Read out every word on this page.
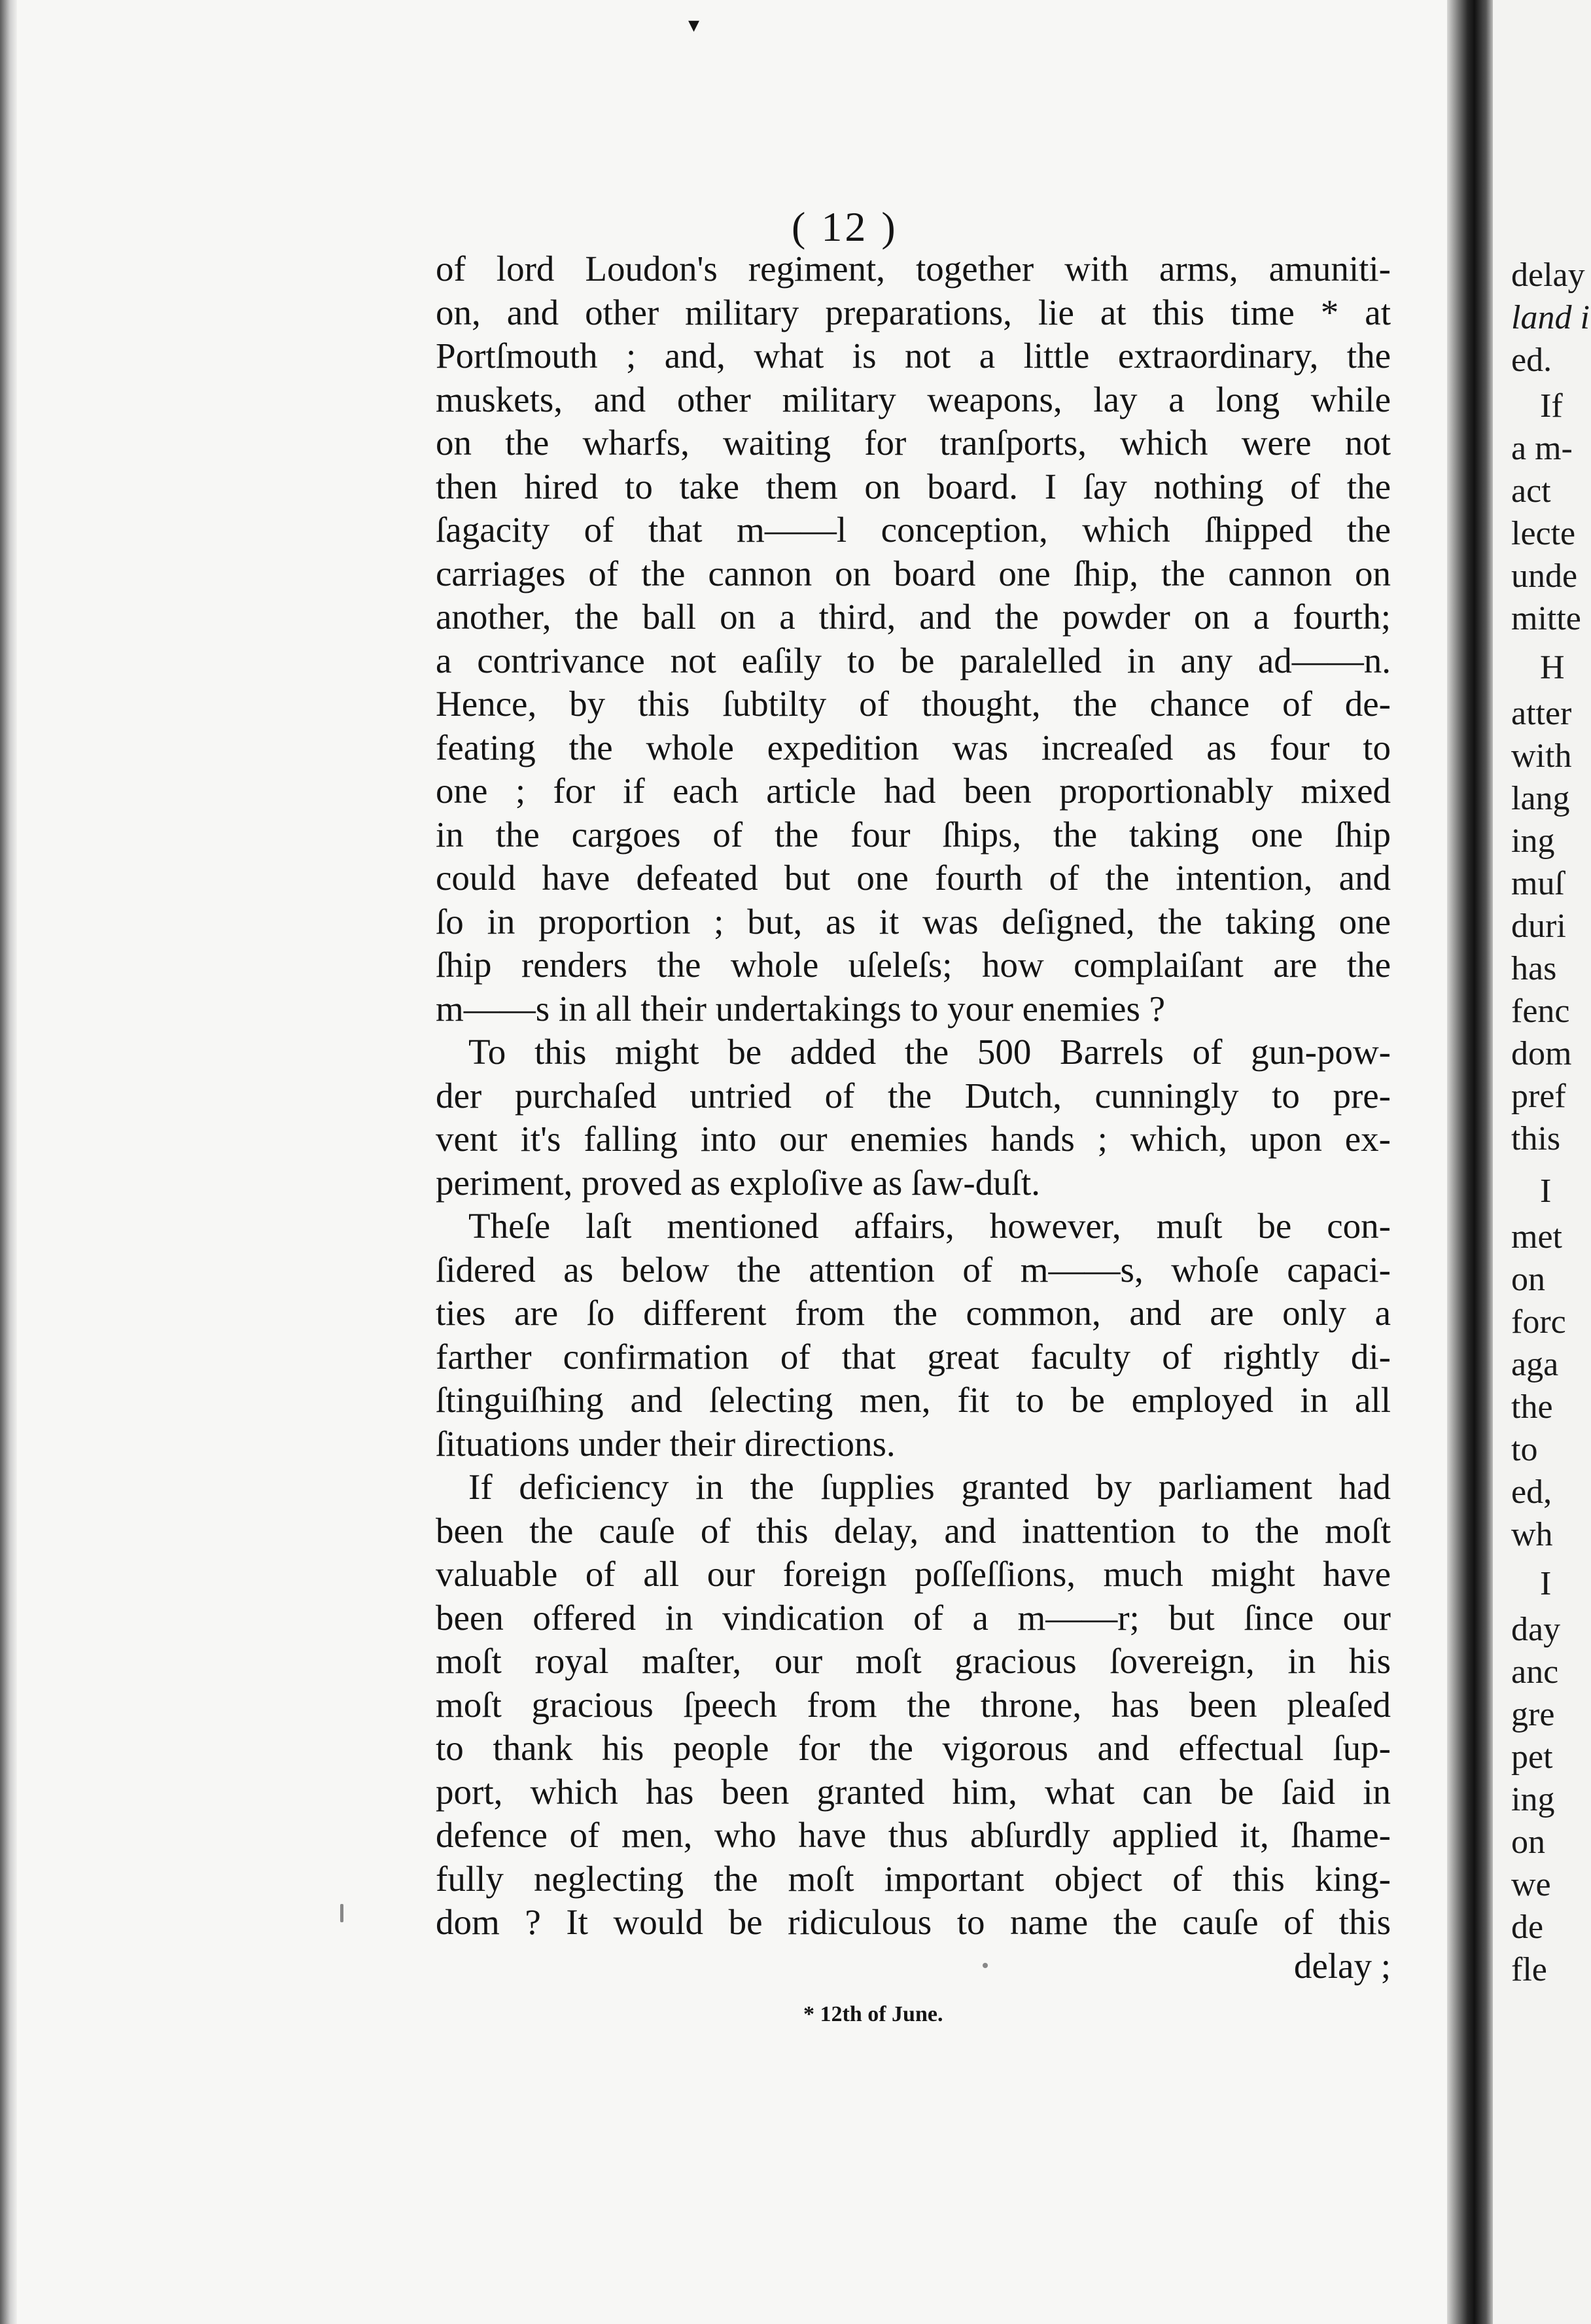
▾
( 12 )
of lord Loudon's regiment, together with arms, amuniti-
on, and other military preparations, lie at this time * at
Portſmouth ; and, what is not a little extraordinary, the
muskets, and other military weapons, lay a long while
on the wharfs, waiting for tranſports, which were not
then hired to take them on board. I ſay nothing of the
ſagacity of that m——l conception, which ſhipped the
carriages of the cannon on board one ſhip, the cannon on
another, the ball on a third, and the powder on a fourth;
a contrivance not eaſily to be paralelled in any ad——n.
Hence, by this ſubtilty of thought, the chance of de-
feating the whole expedition was increaſed as four to
one ; for if each article had been proportionably mixed
in the cargoes of the four ſhips, the taking one ſhip
could have defeated but one fourth of the intention, and
ſo in proportion ; but, as it was deſigned, the taking one
ſhip renders the whole uſeleſs; how complaiſant are the
m——s in all their undertakings to your enemies ?
To this might be added the 500 Barrels of gun-pow-
der purchaſed untried of the Dutch, cunningly to pre-
vent it's falling into our enemies hands ; which, upon ex-
periment, proved as exploſive as ſaw-duſt.
Theſe laſt mentioned affairs, however, muſt be con-
ſidered as below the attention of m——s, whoſe capaci-
ties are ſo different from the common, and are only a
farther confirmation of that great faculty of rightly di-
ſtinguiſhing and ſelecting men, fit to be employed in all
ſituations under their directions.
If deficiency in the ſupplies granted by parliament had
been the cauſe of this delay, and inattention to the moſt
valuable of all our foreign poſſeſſions, much might have
been offered in vindication of a m——r; but ſince our
moſt royal maſter, our moſt gracious ſovereign, in his
moſt gracious ſpeech from the throne, has been pleaſed
to thank his people for the vigorous and effectual ſup-
port, which has been granted him, what can be ſaid in
defence of men, who have thus abſurdly applied it, ſhame-
fully neglecting the moſt important object of this king-
dom ? It would be ridiculous to name the cauſe of this
delay ;
* 12th of June.
delay
land i
ed.
If
a m-
act
lecte
unde
mitte
H
atter
with
lang
ing
muſ
duri
has
fenc
dom
pref
this
I
met
on
forc
aga
the
to
ed,
wh
I
day
anc
gre
pet
ing
on
we
de
fle
